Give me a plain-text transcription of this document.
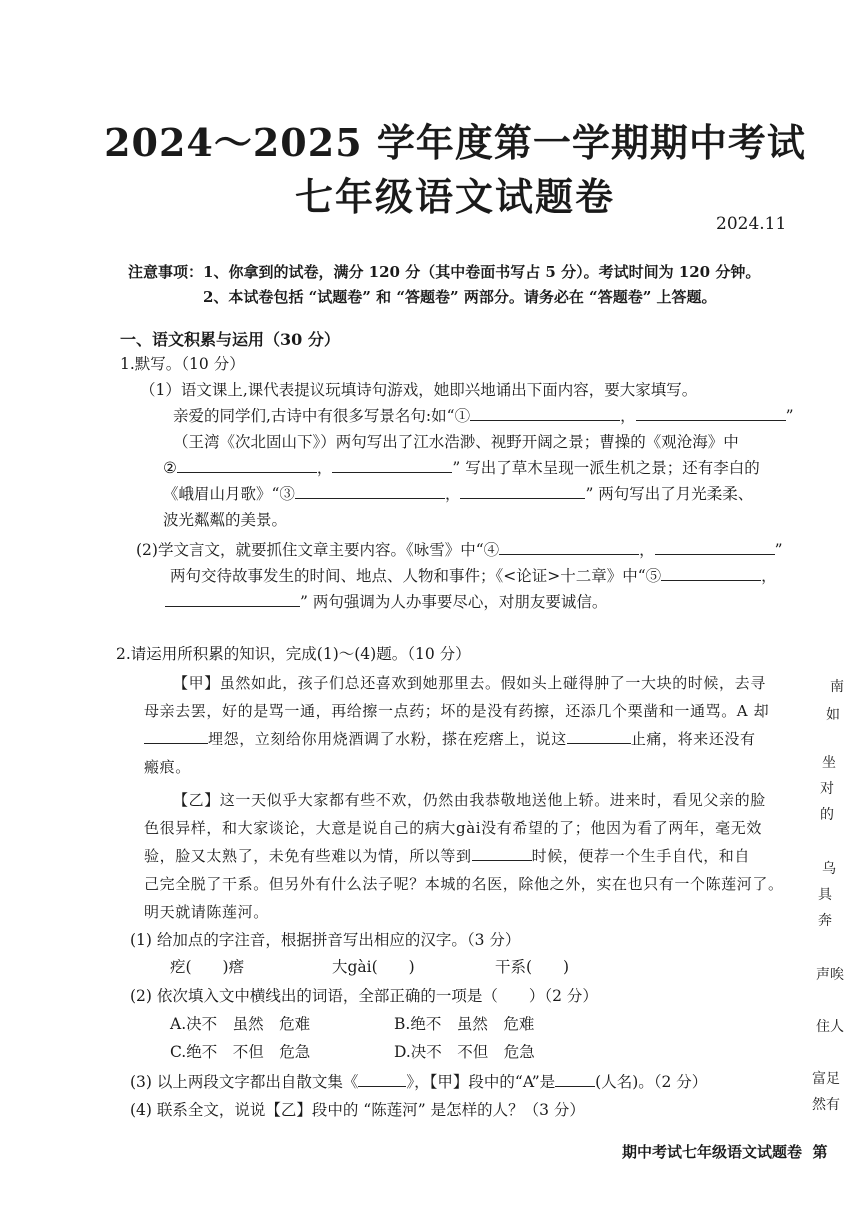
2024～2025 学年度第一学期期中考试
七年级语文试题卷
2024.11
注意事项：1、你拿到的试卷，满分 120 分（其中卷面书写占 5 分）。考试时间为 120 分钟。
2、本试卷包括 “试题卷” 和 “答题卷” 两部分。请务必在 “答题卷” 上答题。
一、语文积累与运用（30 分）
1.默写。（10 分）
（1）语文课上,课代表提议玩填诗句游戏，她即兴地诵出下面内容，要大家填写。
亲爱的同学们,古诗中有很多写景名句:如“①	，	”
（王湾《次北固山下》）两句写出了江水浩渺、视野开阔之景；曹操的《观沧海》中
②	，	” 写出了草木呈现一派生机之景；还有李白的
《峨眉山月歌》“③	，	” 两句写出了月光柔柔、
波光粼粼的美景。
(2)学文言文，就要抓住文章主要内容。《咏雪》中“④	，	”
两句交待故事发生的时间、地点、人物和事件；《<论证>十二章》中“⑤	，
” 两句强调为人办事要尽心，对朋友要诚信。
2.请运用所积累的知识，完成(1)～(4)题。（10 分）
【甲】虽然如此，孩子们总还喜欢到她那里去。假如头上碰得肿了一大块的时候，去寻
母亲去罢，好的是骂一通，再给擦一点药；坏的是没有药擦，还添几个栗凿和一通骂。A 却
埋怨，立刻给你用烧酒调了水粉，搽在疙瘩上，说这	止痛，将来还没有
瘢痕。
【乙】这一天似乎大家都有些不欢，仍然由我恭敬地送他上轿。进来时，看见父亲的脸
色很异样，和大家谈论，大意是说自己的病大gài没有希望的了；他因为看了两年，毫无效
验，脸又太熟了，未免有些难以为情，所以等到	时候，便荐一个生手自代，和自
己完全脱了干系。但另外有什么法子呢？本城的名医，除他之外，实在也只有一个陈莲河了。
明天就请陈莲河。
(1) 给加点的字注音，根据拼音写出相应的汉字。（3 分）
疙(　　)瘩	大gài(　　)	干系(　　)
(2) 依次填入文中横线出的词语，全部正确的一项是（　　）（2 分）
A.决不　虽然　危难	B.绝不　虽然　危难
C.绝不　不但　危急	D.决不　不但　危急
(3) 以上两段文字都出自散文集《	》，【甲】段中的“A”是	(人名)。（2 分）
(4) 联系全文，说说【乙】段中的 “陈莲河” 是怎样的人？（3 分）
南
如
坐
对
的
乌
具
奔
声唉
住人
富足
然有
期中考试七年级语文试题卷 第
